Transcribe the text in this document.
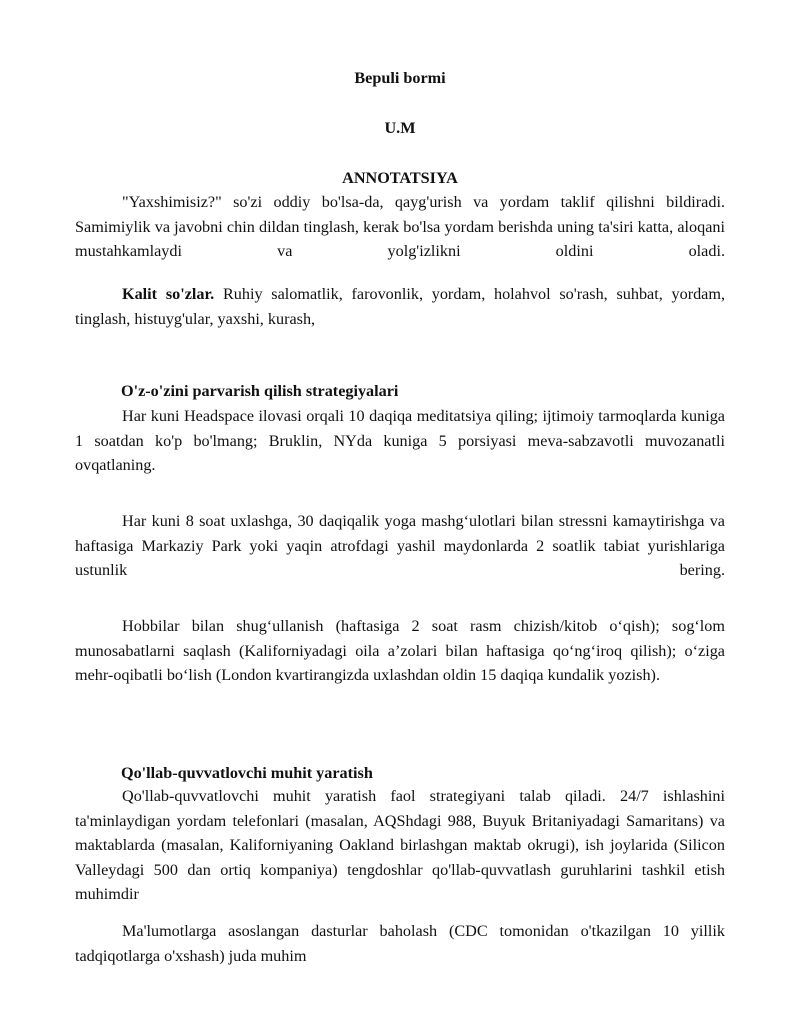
Bepuli bormi

U.M

ANNOTATSIYA

"Yaxshimisiz?" so'zi oddiy bo'lsa-da, qayg'urish va yordam taklif qilishni bildiradi. Samimiylik va javobni chin dildan tinglash, kerak bo'lsa yordam berishda uning ta'siri katta, aloqani mustahkamlaydi va yolg'izlikni oldini oladi.

Kalit so'zlar. Ruhiy salomatlik, farovonlik, yordam, holahvol so'rash, suhbat, yordam, tinglash, histuyg'ular, yaxshi, kurash,

O'z-o'zini parvarish qilish strategiyalari

Har kuni Headspace ilovasi orqali 10 daqiqa meditatsiya qiling; ijtimoiy tarmoqlarda kuniga 1 soatdan ko'p bo'lmang; Bruklin, NYda kuniga 5 porsiyasi meva-sabzavotli muvozanatli ovqatlaning.

Har kuni 8 soat uxlashga, 30 daqiqalik yoga mashg‘ulotlari bilan stressni kamaytirishga va haftasiga Markaziy Park yoki yaqin atrofdagi yashil maydonlarda 2 soatlik tabiat yurishlariga ustunlik bering.

Hobbilar bilan shug‘ullanish (haftasiga 2 soat rasm chizish/kitob o‘qish); sog‘lom munosabatlarni saqlash (Kaliforniyadagi oila a’zolari bilan haftasiga qo‘ng‘iroq qilish); o‘ziga mehr-oqibatli bo‘lish (London kvartirangizda uxlashdan oldin 15 daqiqa kundalik yozish).

Qo'llab-quvvatlovchi muhit yaratish

Qo'llab-quvvatlovchi muhit yaratish faol strategiyani talab qiladi. 24/7 ishlashini ta'minlaydigan yordam telefonlari (masalan, AQShdagi 988, Buyuk Britaniyadagi Samaritans) va maktablarda (masalan, Kaliforniyaning Oakland birlashgan maktab okrugi), ish joylarida (Silicon Valleydagi 500 dan ortiq kompaniya) tengdoshlar qo'llab-quvvatlash guruhlarini tashkil etish muhimdir

Ma'lumotlarga asoslangan dasturlar baholash (CDC tomonidan o'tkazilgan 10 yillik tadqiqotlarga o'xshash) juda muhim
